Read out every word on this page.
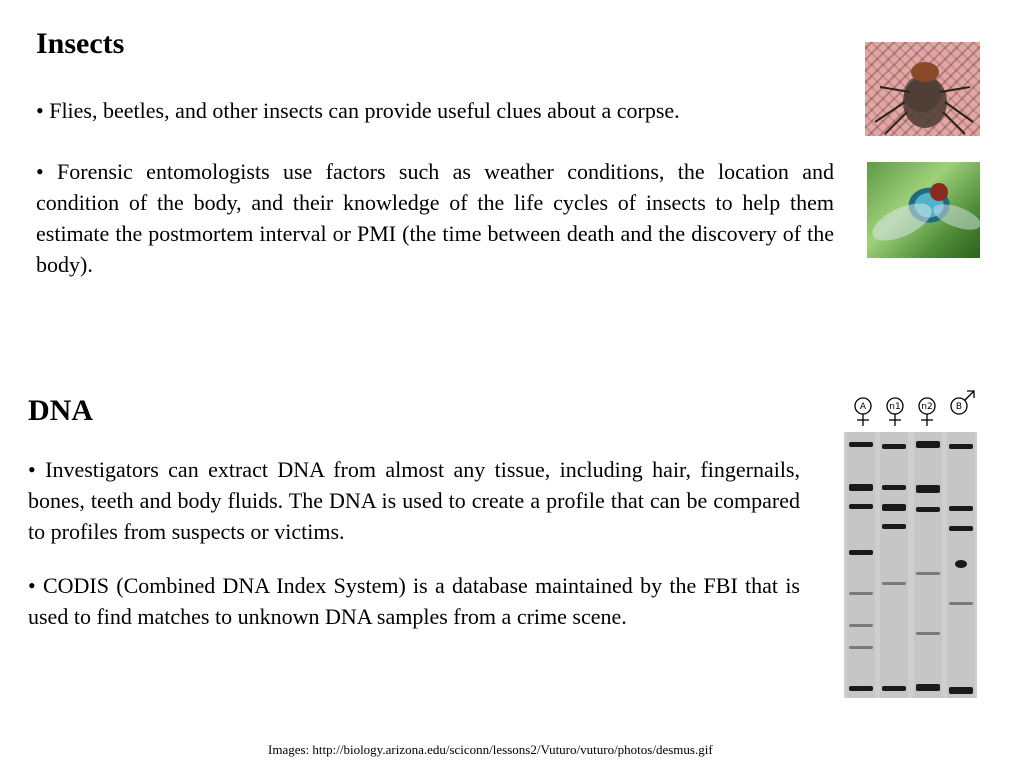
Insects

• Flies, beetles, and other insects can provide useful clues about a corpse.

• Forensic entomologists use factors such as weather conditions, the location and condition of the body, and their knowledge of the life cycles of insects to help them estimate the postmortem interval or PMI (the time between death and the discovery of the body).

DNA

• Investigators can extract DNA from almost any tissue, including hair, fingernails, bones, teeth and body fluids. The DNA is used to create a profile that can be compared to profiles from suspects or victims.

• CODIS (Combined DNA Index System) is a database maintained by the FBI that is used to find matches to unknown DNA samples from a crime scene.

A	n1 n2	B
Images: http://biology.arizona.edu/sciconn/lessons2/Vuturo/vuturo/photos/desmus.gif
